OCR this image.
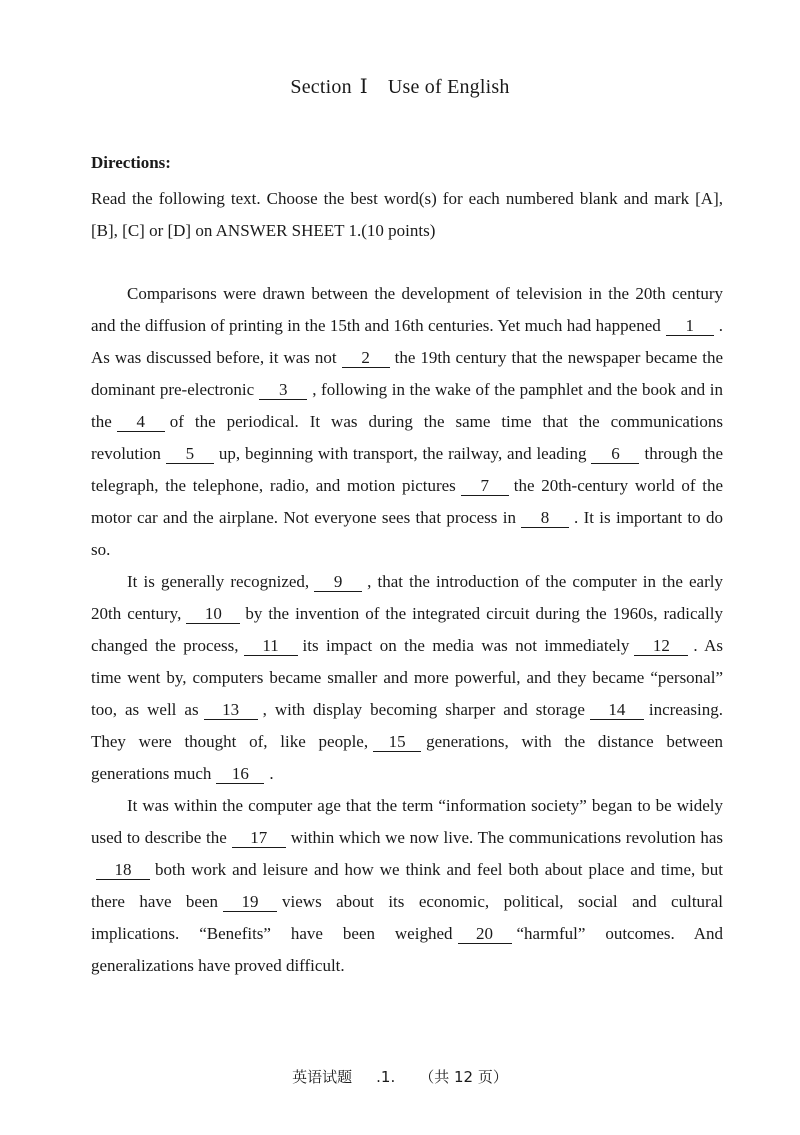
Section Ⅰ Use of English
Directions:
Read the following text. Choose the best word(s) for each numbered blank and mark [A], [B], [C] or [D] on ANSWER SHEET 1.(10 points)

Comparisons were drawn between the development of television in the 20th century and the diffusion of printing in the 15th and 16th centuries. Yet much had happened 1 . As was discussed before, it was not 2 the 19th century that the newspaper became the dominant pre-electronic 3 , following in the wake of the pamphlet and the book and in the 4 of the periodical. It was during the same time that the communications revolution 5 up, beginning with transport, the railway, and leading 6 through the telegraph, the telephone, radio, and motion pictures 7 the 20th-century world of the motor car and the airplane. Not everyone sees that process in 8 . It is important to do so.

It is generally recognized, 9 , that the introduction of the computer in the early 20th century, 10 by the invention of the integrated circuit during the 1960s, radically changed the process, 11 its impact on the media was not immediately 12 . As time went by, computers became smaller and more powerful, and they became “personal” too, as well as 13 , with display becoming sharper and storage 14 increasing. They were thought of, like people, 15 generations, with the distance between generations much 16 .

It was within the computer age that the term “information society” began to be widely used to describe the 17 within which we now live. The communications revolution has18 both work and leisure and how we think and feel both about place and time, but there have been 19 views about its economic, political, social and cultural implications. “Benefits” have been weighed 20 “harmful” outcomes. And generalizations have proved difficult.

英语试题 .1. （共 12 页）
